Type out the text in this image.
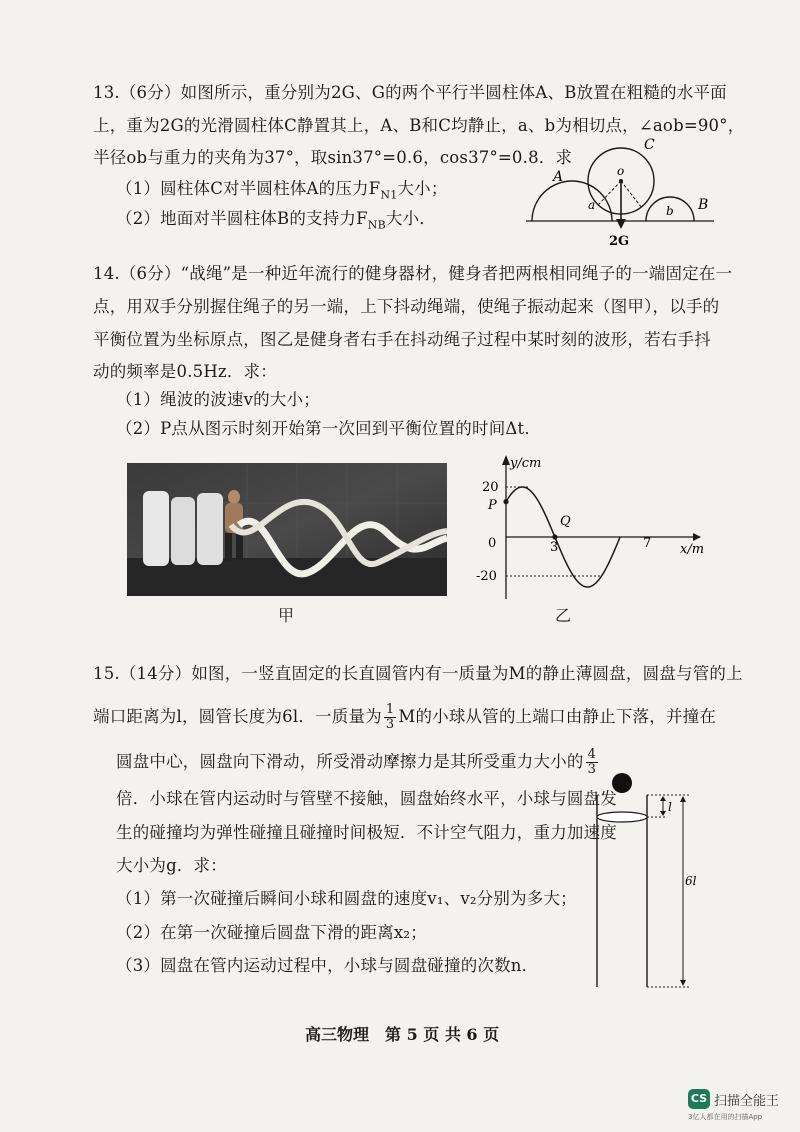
13.（6分）如图所示，重分别为2G、G的两个平行半圆柱体A、B放置在粗糙的水平面
上，重为2G的光滑圆柱体C静置其上，A、B和C均静止，a、b为相切点，∠aob=90°，
半径ob与重力的夹角为37°，取sin37°=0.6，cos37°=0.8．求
（1）圆柱体C对半圆柱体A的压力$F_{N1}$大小；
（2）地面对半圆柱体B的支持力$F_{NB}$大小．
A
B
C
o
a	b
2G
14.（6分）“战绳”是一种近年流行的健身器材，健身者把两根相同绳子的一端固定在一
点，用双手分别握住绳子的另一端，上下抖动绳端，使绳子振动起来（图甲），以手的
平衡位置为坐标原点，图乙是健身者右手在抖动绳子过程中某时刻的波形，若右手抖
动的频率是0.5Hz．求：
（1）绳波的波速v的大小；
（2）P点从图示时刻开始第一次回到平衡位置的时间Δt．
甲
y/cm
x/m
20
-20
0	3	7
P
Q
乙
15.（14分）如图，一竖直固定的长直圆管内有一质量为M的静止薄圆盘，圆盘与管的上
端口距离为l，圆管长度为6l．一质量为 $\frac{1}{3}$ M的小球从管的上端口由静止下落，并撞在
圆盘中心，圆盘向下滑动，所受滑动摩擦力是其所受重力大小的 $\frac{4}{3}$
倍．小球在管内运动时与管壁不接触，圆盘始终水平，小球与圆盘发
生的碰撞均为弹性碰撞且碰撞时间极短．不计空气阻力，重力加速度
大小为g．求：
（1）第一次碰撞后瞬间小球和圆盘的速度v₁、v₂分别为多大；
（2）在第一次碰撞后圆盘下滑的距离x₂；
（3）圆盘在管内运动过程中，小球与圆盘碰撞的次数n．
l
6l
高三物理　第 5 页 共 6 页
CS 扫描全能王
3亿人都在用的扫描App
